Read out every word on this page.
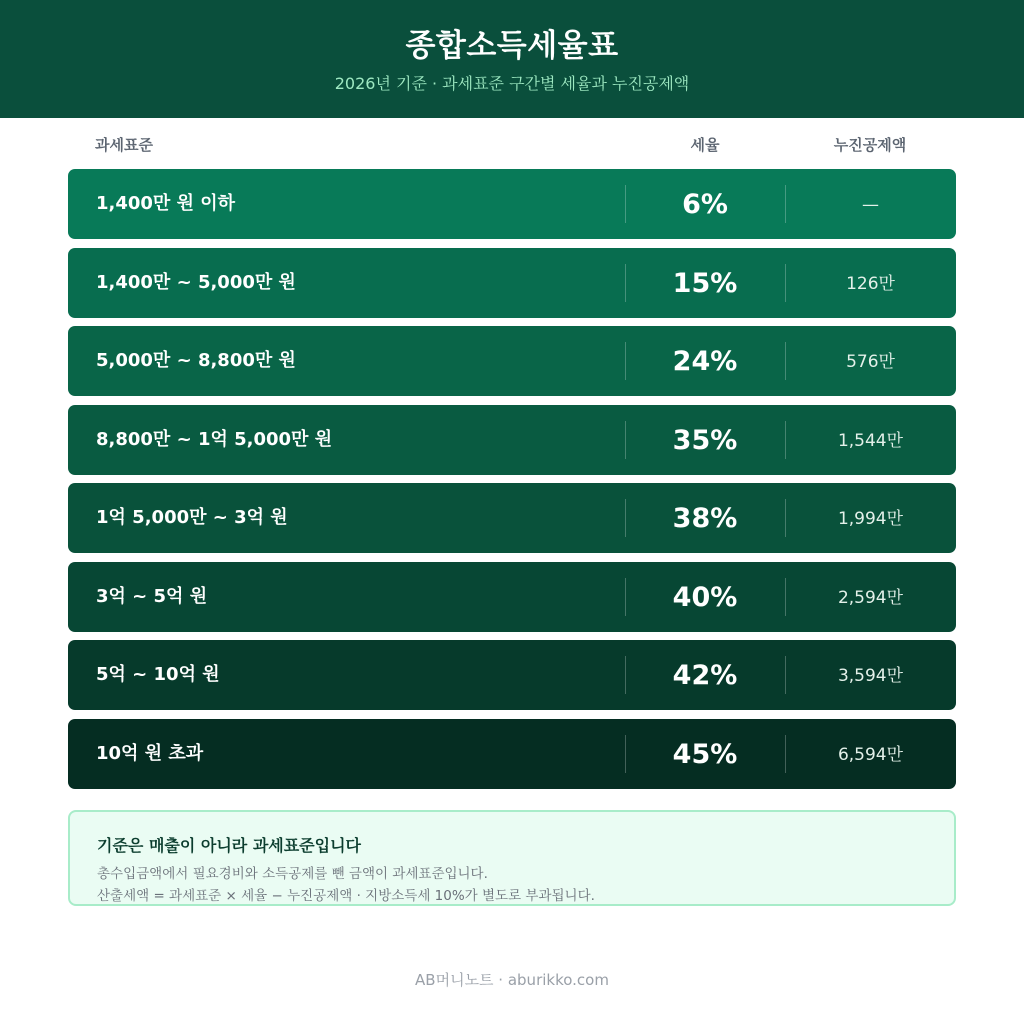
종합소득세율표
2026년 기준 · 과세표준 구간별 세율과 누진공제액
과세표준	세율	누진공제액
1,400만 원 이하	6%	—
1,400만 ~ 5,000만 원	15%	126만
5,000만 ~ 8,800만 원	24%	576만
8,800만 ~ 1억 5,000만 원	35%	1,544만
1억 5,000만 ~ 3억 원	38%	1,994만
3억 ~ 5억 원	40%	2,594만
5억 ~ 10억 원	42%	3,594만
10억 원 초과	45%	6,594만
기준은 매출이 아니라 과세표준입니다
총수입금액에서 필요경비와 소득공제를 뺀 금액이 과세표준입니다.
산출세액 = 과세표준 × 세율 − 누진공제액 · 지방소득세 10%가 별도로 부과됩니다.
AB머니노트 · aburikko.com
